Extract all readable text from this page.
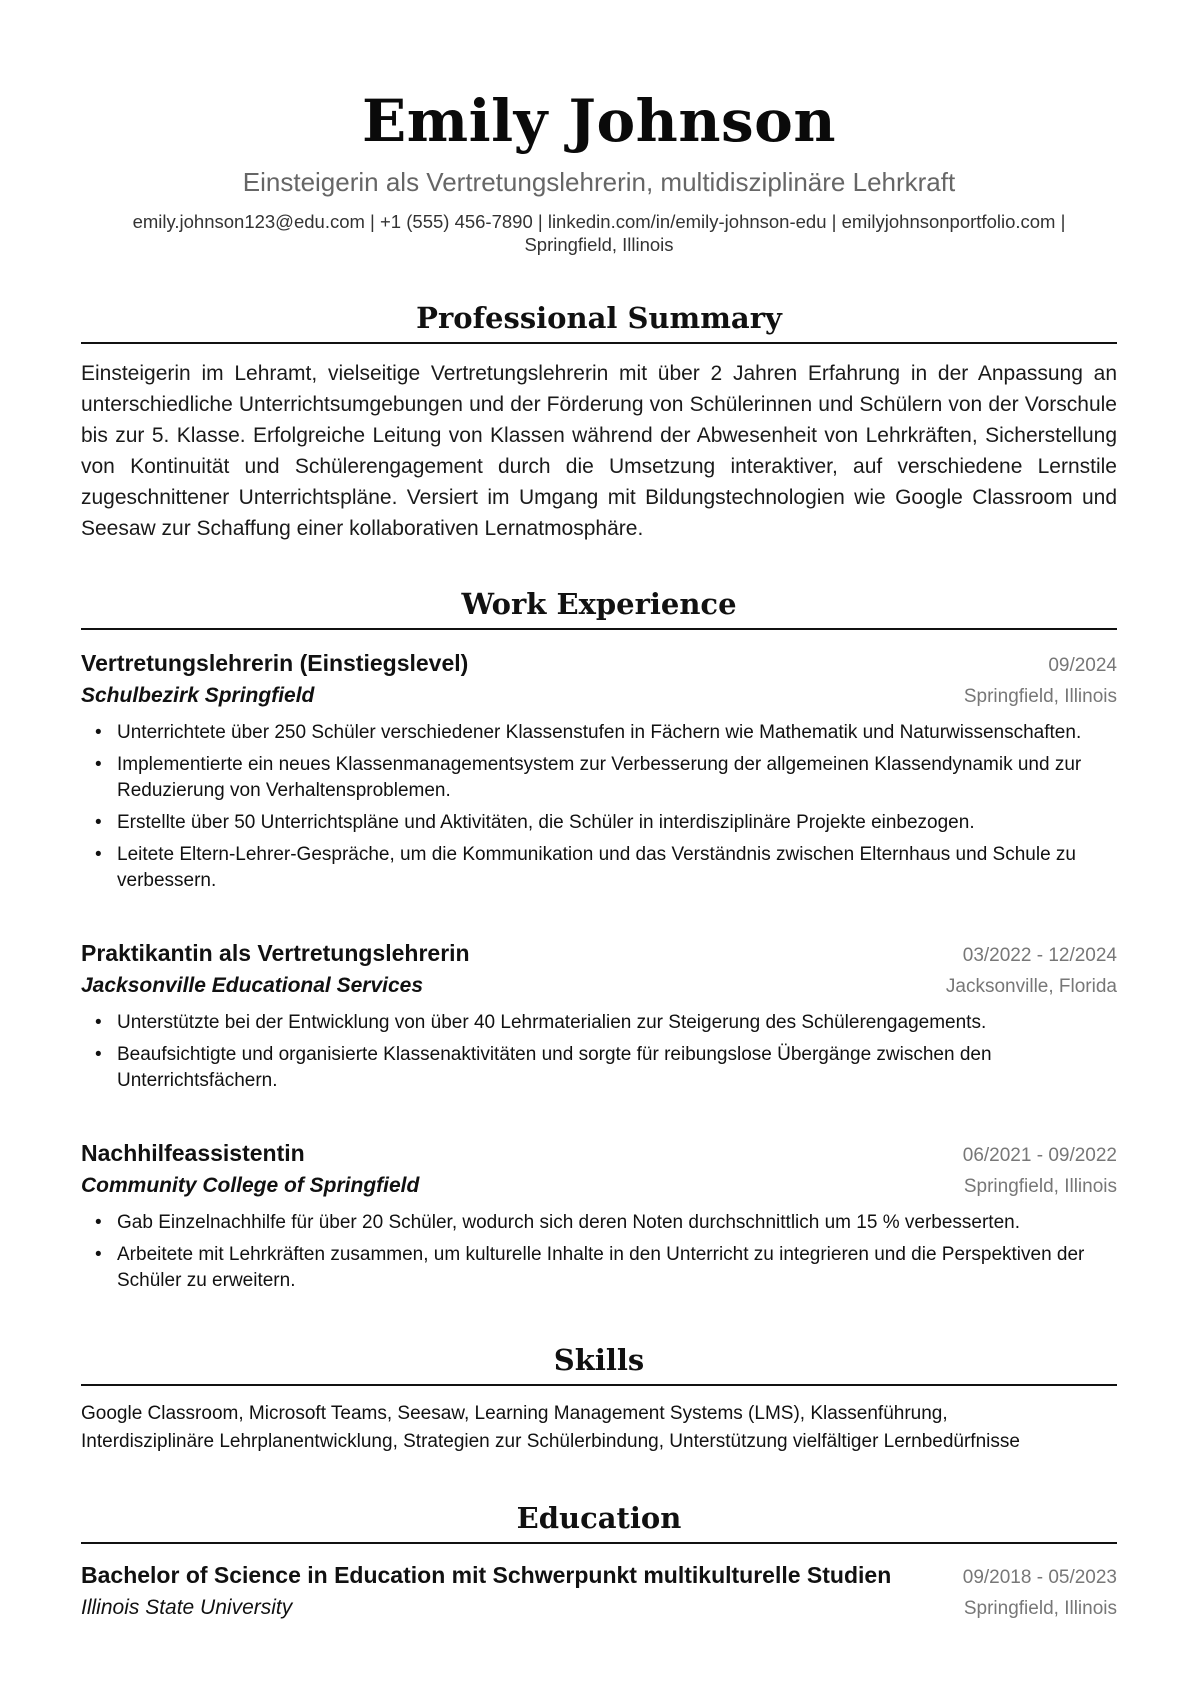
Emily Johnson
Einsteigerin als Vertretungslehrerin, multidisziplinäre Lehrkraft
emily.johnson123@edu.com | +1 (555) 456-7890 | linkedin.com/in/emily-johnson-edu | emilyjohnsonportfolio.com |
Springfield, Illinois
Professional Summary

Einsteigerin im Lehramt, vielseitige Vertretungslehrerin mit über 2 Jahren Erfahrung in der Anpassung an unterschiedliche Unterrichtsumgebungen und der Förderung von Schülerinnen und Schülern von der Vorschule bis zur 5. Klasse. Erfolgreiche Leitung von Klassen während der Abwesenheit von Lehrkräften, Sicherstellung von Kontinuität und Schülerengagement durch die Umsetzung interaktiver, auf verschiedene Lernstile zugeschnittener Unterrichtspläne. Versiert im Umgang mit Bildungstechnologien wie Google Classroom und Seesaw zur Schaffung einer kollaborativen Lernatmosphäre.

Work Experience
Vertretungslehrerin (Einstiegslevel)	09/2024
Schulbezirk Springfield	Springfield, Illinois
• Unterrichtete über 250 Schüler verschiedener Klassenstufen in Fächern wie Mathematik und Naturwissenschaften.
• Implementierte ein neues Klassenmanagementsystem zur Verbesserung der allgemeinen Klassendynamik und zur Reduzierung von Verhaltensproblemen.
• Erstellte über 50 Unterrichtspläne und Aktivitäten, die Schüler in interdisziplinäre Projekte einbezogen.
• Leitete Eltern-Lehrer-Gespräche, um die Kommunikation und das Verständnis zwischen Elternhaus und Schule zu verbessern.
Praktikantin als Vertretungslehrerin	03/2022 - 12/2024
Jacksonville Educational Services	Jacksonville, Florida
• Unterstützte bei der Entwicklung von über 40 Lehrmaterialien zur Steigerung des Schülerengagements.
• Beaufsichtigte und organisierte Klassenaktivitäten und sorgte für reibungslose Übergänge zwischen den Unterrichtsfächern.
Nachhilfeassistentin	06/2021 - 09/2022
Community College of Springfield	Springfield, Illinois
• Gab Einzelnachhilfe für über 20 Schüler, wodurch sich deren Noten durchschnittlich um 15 % verbesserten.
• Arbeitete mit Lehrkräften zusammen, um kulturelle Inhalte in den Unterricht zu integrieren und die Perspektiven der Schüler zu erweitern.
Skills
Google Classroom, Microsoft Teams, Seesaw, Learning Management Systems (LMS), Klassenführung,
Interdisziplinäre Lehrplanentwicklung, Strategien zur Schülerbindung, Unterstützung vielfältiger Lernbedürfnisse
Education
Bachelor of Science in Education mit Schwerpunkt multikulturelle Studien	09/2018 - 05/2023
Illinois State University	Springfield, Illinois
